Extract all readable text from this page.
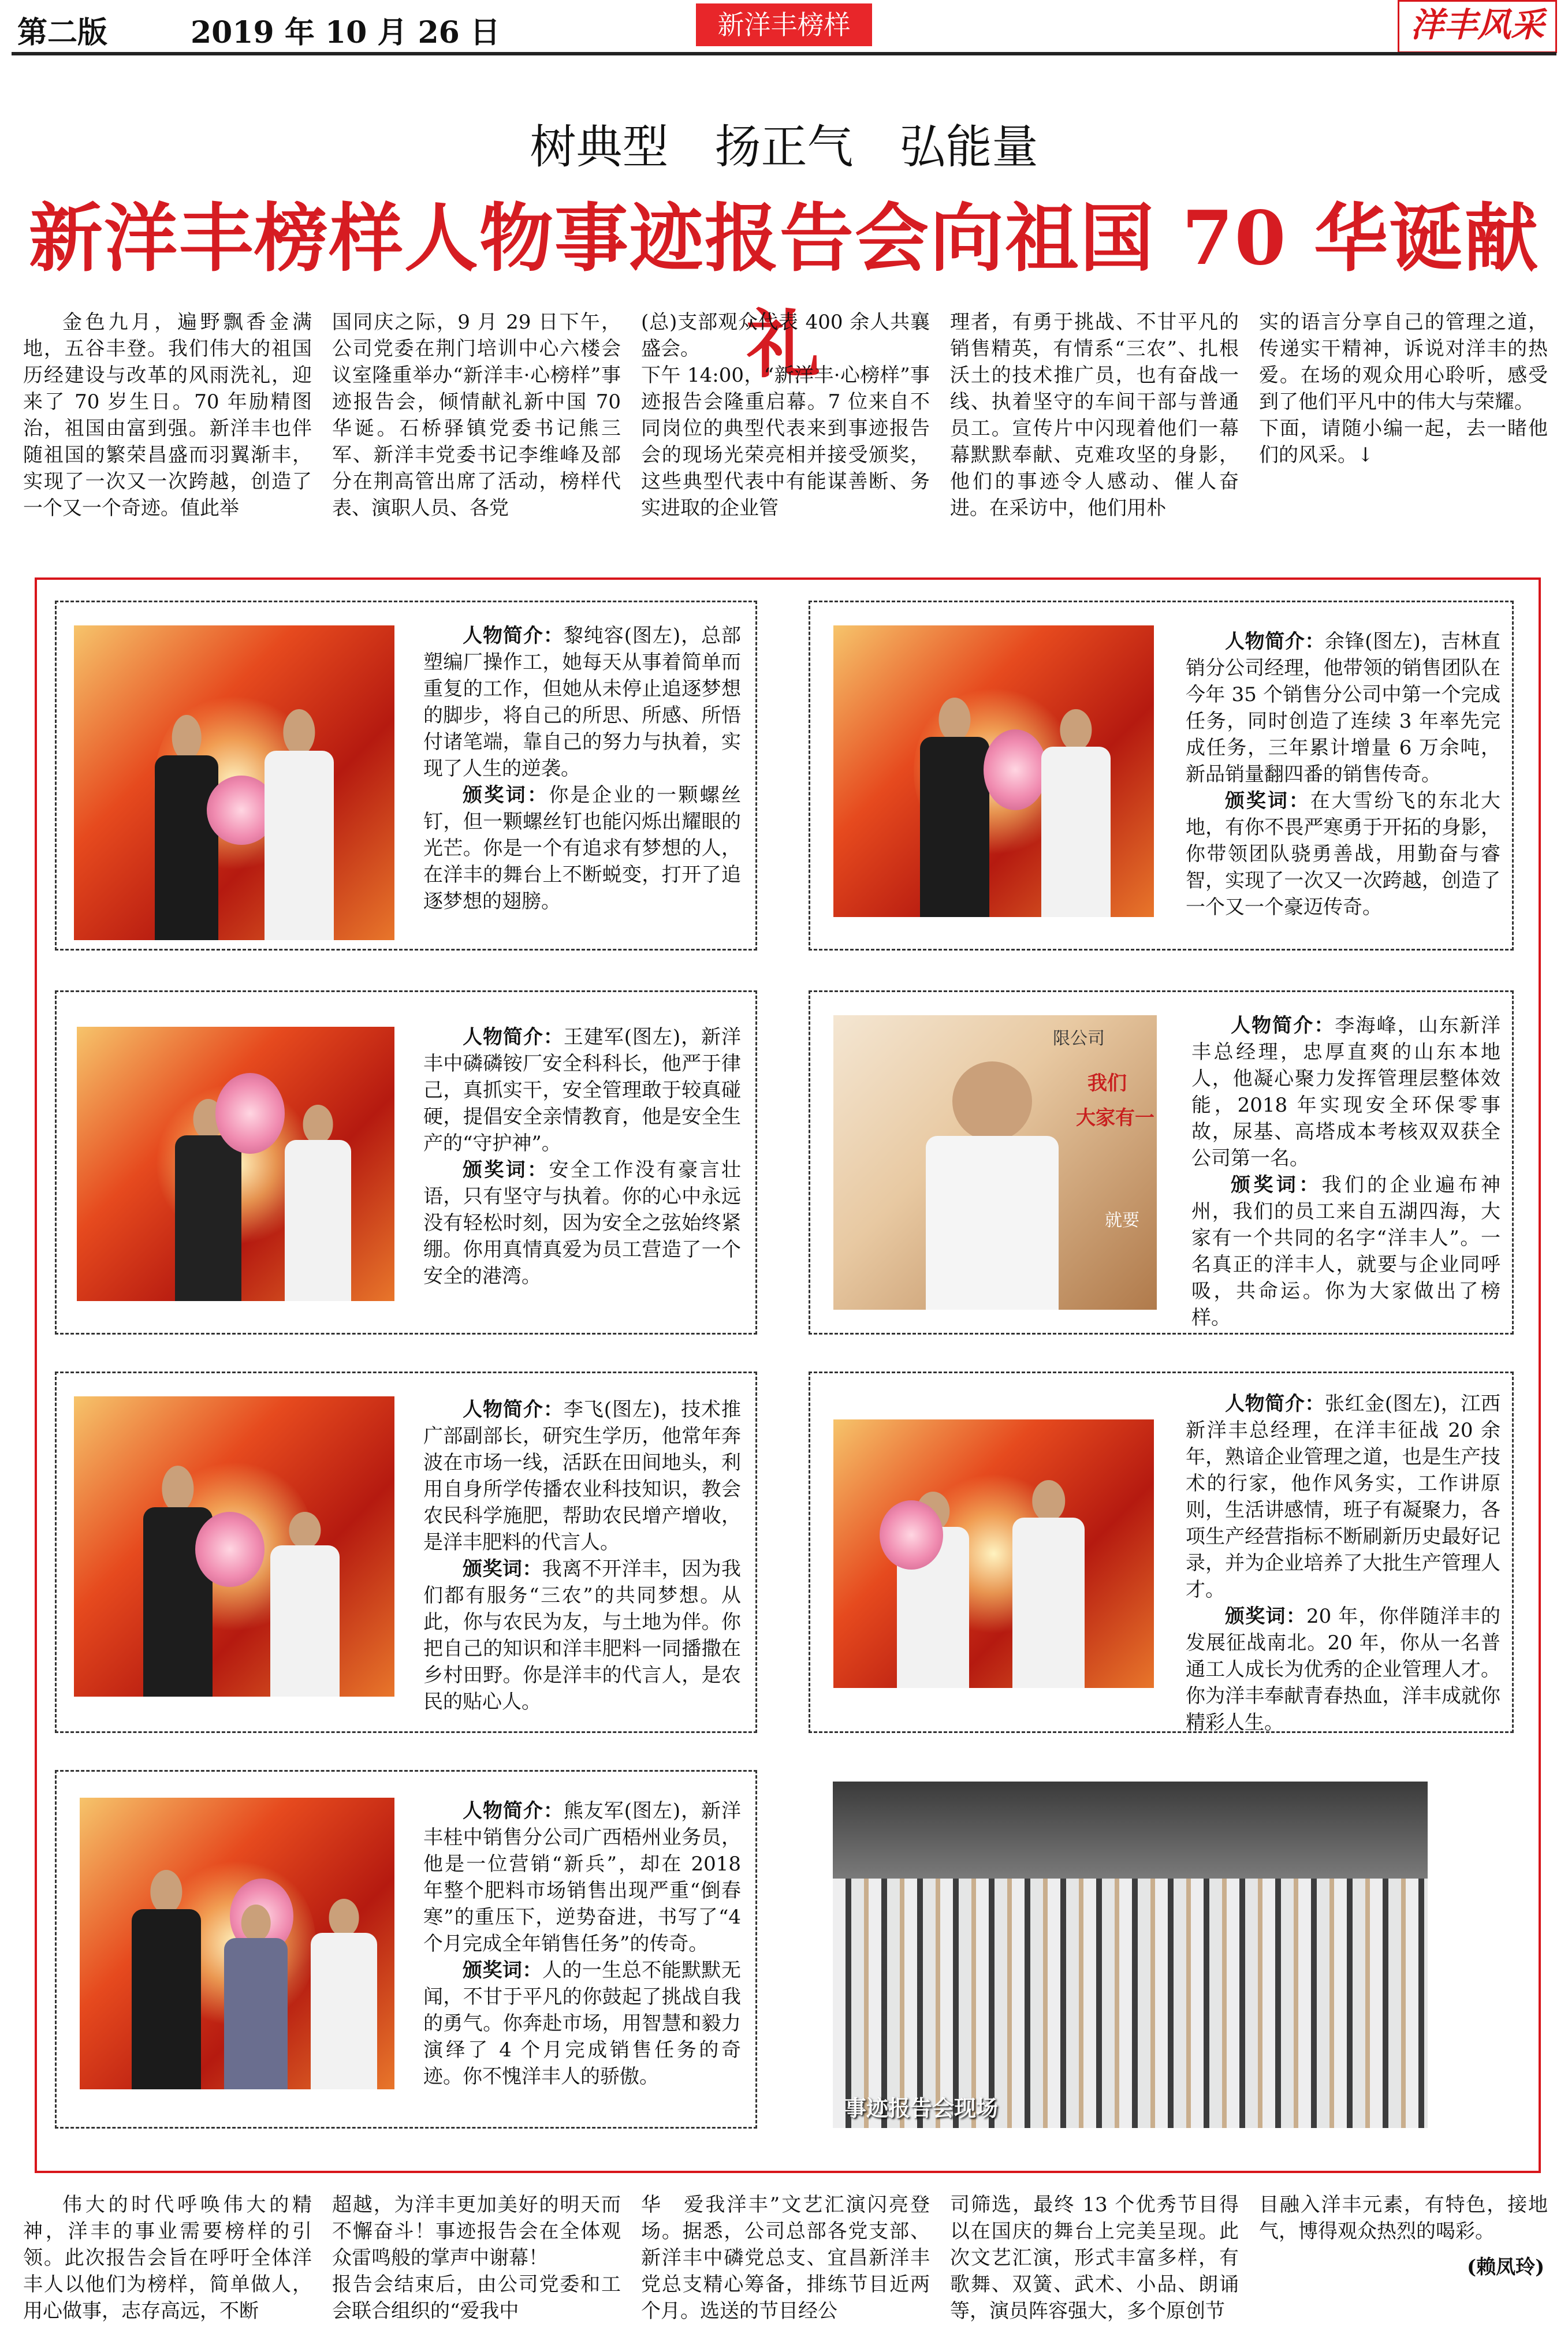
第二版	2019 年 10 月 26 日	新洋丰榜样	洋丰风采
树典型　扬正气　弘能量
新洋丰榜样人物事迹报告会向祖国 70 华诞献礼

金色九月，遍野飘香金满地，五谷丰登。我们伟大的祖国历经建设与改革的风雨洗礼，迎来了 70 岁生日。70 年励精图治，祖国由富到强。新洋丰也伴随祖国的繁荣昌盛而羽翼渐丰，实现了一次又一次跨越，创造了一个又一个奇迹。值此举

国同庆之际，9 月 29 日下午，公司党委在荆门培训中心六楼会议室隆重举办“新洋丰·心榜样”事迹报告会，倾情献礼新中国 70 华诞。石桥驿镇党委书记熊三军、新洋丰党委书记李维峰及部分在荆高管出席了活动，榜样代表、演职人员、各党

(总)支部观众代表 400 余人共襄盛会。
下午 14:00，“新洋丰·心榜样”事迹报告会隆重启幕。7 位来自不同岗位的典型代表来到事迹报告会的现场光荣亮相并接受颁奖，这些典型代表中有能谋善断、务实进取的企业管

理者，有勇于挑战、不甘平凡的销售精英，有情系“三农”、扎根沃土的技术推广员，也有奋战一线、执着坚守的车间干部与普通员工。宣传片中闪现着他们一幕幕默默奉献、克难攻坚的身影，他们的事迹令人感动、催人奋进。在采访中，他们用朴

实的语言分享自己的管理之道，传递实干精神，诉说对洋丰的热爱。在场的观众用心聆听，感受到了他们平凡中的伟大与荣耀。
下面，请随小编一起，去一睹他们的风采。↓

人物简介：黎纯容(图左)，总部塑编厂操作工，她每天从事着简单而重复的工作，但她从未停止追逐梦想的脚步，将自己的所思、所感、所悟付诸笔端，靠自己的努力与执着，实现了人生的逆袭。

颁奖词：你是企业的一颗螺丝钉，但一颗螺丝钉也能闪烁出耀眼的光芒。你是一个有追求有梦想的人，在洋丰的舞台上不断蜕变，打开了追逐梦想的翅膀。

人物简介：余锋(图左)，吉林直销分公司经理，他带领的销售团队在今年 35 个销售分公司中第一个完成任务，同时创造了连续 3 年率先完成任务，三年累计增量 6 万余吨，新品销量翻四番的销售传奇。

颁奖词：在大雪纷飞的东北大地，有你不畏严寒勇于开拓的身影，你带领团队骁勇善战，用勤奋与睿智，实现了一次又一次跨越，创造了一个又一个豪迈传奇。

人物简介：王建军(图左)，新洋丰中磷磷铵厂安全科科长，他严于律己，真抓实干，安全管理敢于较真碰硬，提倡安全亲情教育，他是安全生产的“守护神”。

颁奖词：安全工作没有豪言壮语，只有坚守与执着。你的心中永远没有轻松时刻，因为安全之弦始终紧绷。你用真情真爱为员工营造了一个安全的港湾。

我们
大家有一
就要
限公司

人物简介：李海峰，山东新洋丰总经理，忠厚直爽的山东本地人，他凝心聚力发挥管理层整体效能，2018 年实现安全环保零事故，尿基、高塔成本考核双双获全公司第一名。

颁奖词：我们的企业遍布神州，我们的员工来自五湖四海，大家有一个共同的名字“洋丰人”。一名真正的洋丰人，就要与企业同呼吸，共命运。你为大家做出了榜样。

人物简介：李飞(图左)，技术推广部副部长，研究生学历，他常年奔波在市场一线，活跃在田间地头，利用自身所学传播农业科技知识，教会农民科学施肥，帮助农民增产增收，是洋丰肥料的代言人。

颁奖词：我离不开洋丰，因为我们都有服务“三农”的共同梦想。从此，你与农民为友，与土地为伴。你把自己的知识和洋丰肥料一同播撒在乡村田野。你是洋丰的代言人，是农民的贴心人。

人物简介：张红金(图左)，江西新洋丰总经理，在洋丰征战 20 余年，熟谙企业管理之道，也是生产技术的行家，他作风务实，工作讲原则，生活讲感情，班子有凝聚力，各项生产经营指标不断刷新历史最好记录，并为企业培养了大批生产管理人才。

颁奖词：20 年，你伴随洋丰的发展征战南北。20 年，你从一名普通工人成长为优秀的企业管理人才。你为洋丰奉献青春热血，洋丰成就你精彩人生。

人物简介：熊友军(图左)，新洋丰桂中销售分公司广西梧州业务员，他是一位营销“新兵”，却在 2018 年整个肥料市场销售出现严重“倒春寒”的重压下，逆势奋进，书写了“4 个月完成全年销售任务”的传奇。

颁奖词：人的一生总不能默默无闻，不甘于平凡的你鼓起了挑战自我的勇气。你奔赴市场，用智慧和毅力演绎了 4 个月完成销售任务的奇迹。你不愧洋丰人的骄傲。

事迹报告会现场

伟大的时代呼唤伟大的精神，洋丰的事业需要榜样的引领。此次报告会旨在呼吁全体洋丰人以他们为榜样，简单做人，用心做事，志存高远，不断

超越，为洋丰更加美好的明天而不懈奋斗！事迹报告会在全体观众雷鸣般的掌声中谢幕！
报告会结束后，由公司党委和工会联合组织的“爱我中

华　爱我洋丰”文艺汇演闪亮登场。据悉，公司总部各党支部、新洋丰中磷党总支、宜昌新洋丰党总支精心筹备，排练节目近两个月。选送的节目经公

司筛选，最终 13 个优秀节目得以在国庆的舞台上完美呈现。此次文艺汇演，形式丰富多样，有歌舞、双簧、武术、小品、朗诵等，演员阵容强大，多个原创节

目融入洋丰元素，有特色，接地气，博得观众热烈的喝彩。

(赖凤玲)
